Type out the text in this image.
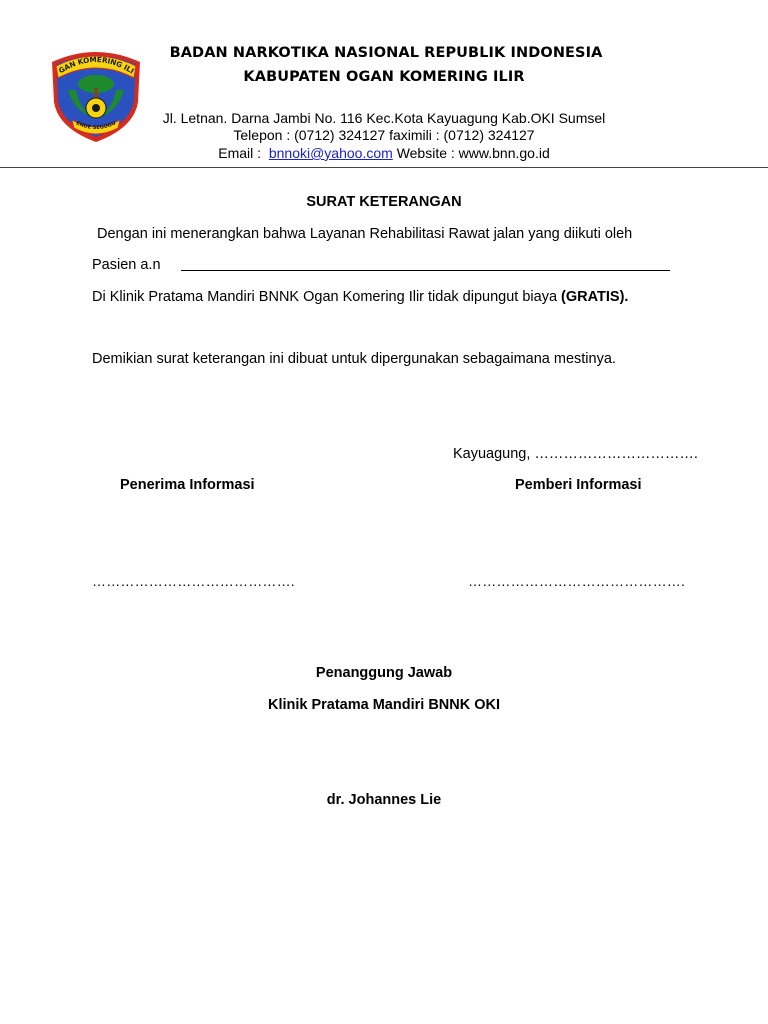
GAN KOMERING ILI
ENDE SEGUGU
BADAN NARKOTIKA NASIONAL REPUBLIK INDONESIA
KABUPATEN OGAN KOMERING ILIR
Jl. Letnan. Darna Jambi No. 116 Kec.Kota Kayuagung Kab.OKI Sumsel
Telepon : (0712) 324127 faximili : (0712) 324127
Email : bnnoki@yahoo.com Website : www.bnn.go.id
SURAT KETERANGAN
Dengan ini menerangkan bahwa Layanan Rehabilitasi Rawat jalan yang diikuti oleh
Pasien a.n
Di Klinik Pratama Mandiri BNNK Ogan Komering Ilir tidak dipungut biaya (GRATIS).
Demikian surat keterangan ini dibuat untuk dipergunakan sebagaimana mestinya.
Kayuagung, …………………………….
Penerima Informasi	Pemberi Informasi
…………………………………….	……………………………………….
Penanggung Jawab
Klinik Pratama Mandiri BNNK OKI
dr. Johannes Lie
